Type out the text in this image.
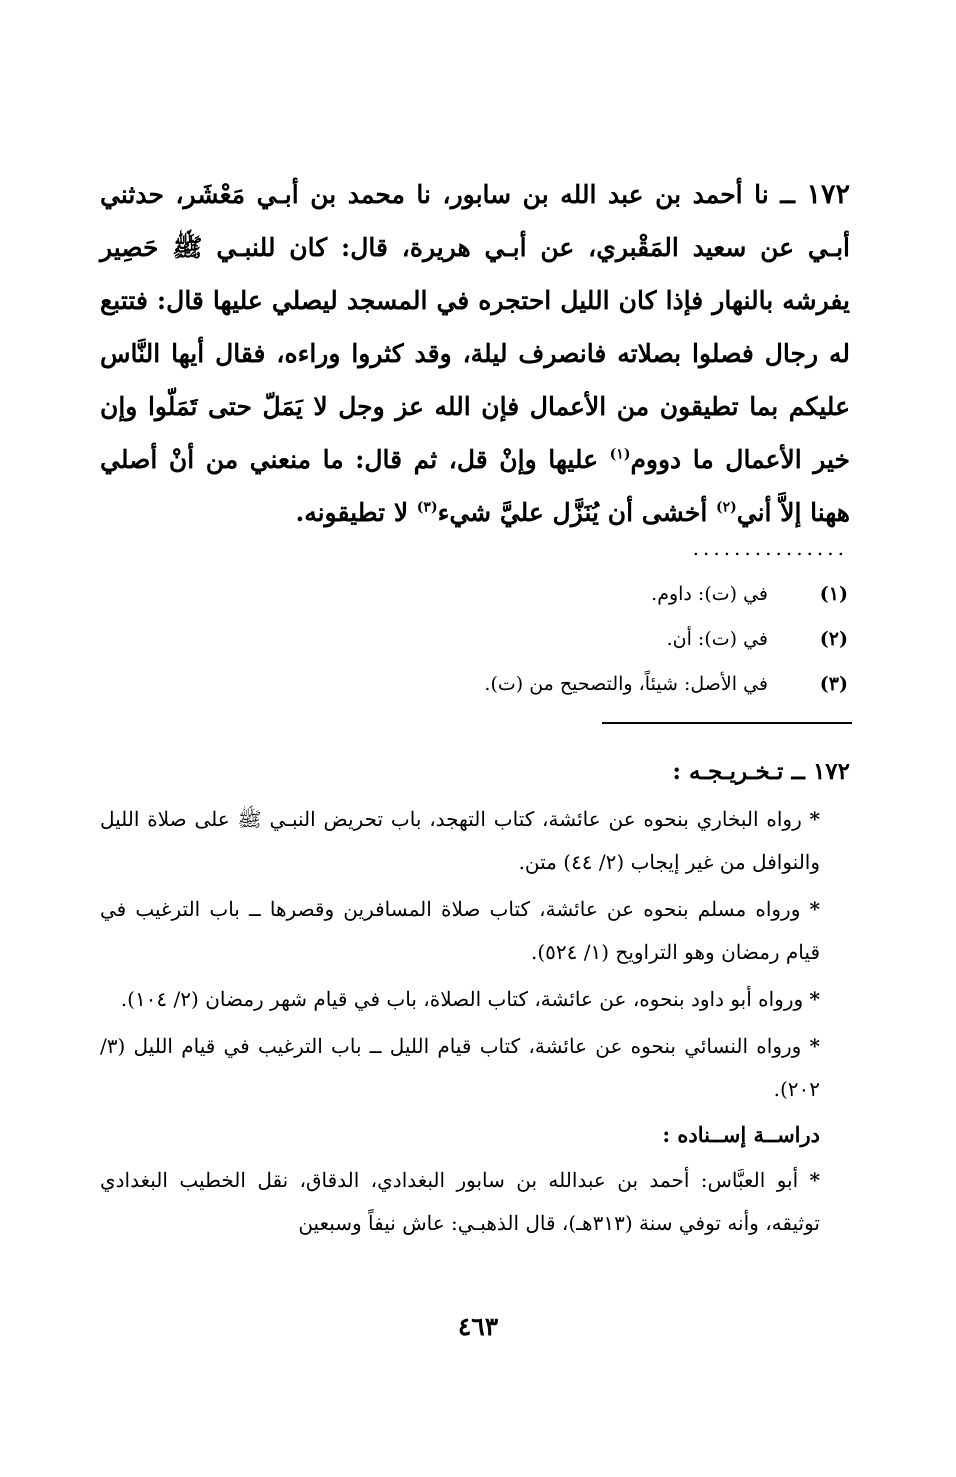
١٧٢ ــ نا أحمد بن عبد الله بن سابور، نا محمد بن أبـي مَعْشَر، حدثني أبـي عن سعيد المَقْبري، عن أبـي هريرة، قال: كان للنبـي ﷺ حَصِير يفرشه بالنهار فإذا كان الليل احتجره في المسجد ليصلي عليها قال: فتتبع له رجال فصلوا بصلاته فانصرف ليلة، وقد كثروا وراءه، فقال أيها النَّاس عليكم بما تطيقون من الأعمال فإن الله عز وجل لا يَمَلّ حتى تَمَلّوا وإن خير الأعمال ما دووم$^{(١)}$ عليها وإنْ قل، ثم قال: ما منعني من أنْ أصلي ههنا إلاَّ أني$^{(٢)}$ أخشى أن يُنَزَّل عليَّ شيء$^{(٣)}$ لا تطيقونه.
...............
(١)
في (ت): داوم.
(٢)
في (ت): أن.
(٣)
في الأصل: شيئاً، والتصحيح من (ت).
١٧٢ ــ تـخـريـجـه :
* رواه البخاري بنحوه عن عائشة، كتاب التهجد، باب تحريض النبـي ﷺ على صلاة الليل والنوافل من غير إيجاب (٢/ ٤٤) متن.
* ورواه مسلم بنحوه عن عائشة، كتاب صلاة المسافرين وقصرها ــ باب الترغيب في قيام رمضان وهو التراويح (١/ ٥٢٤).
* ورواه أبو داود بنحوه، عن عائشة، كتاب الصلاة، باب في قيام شهر رمضان (٢/ ١٠٤).
* ورواه النسائي بنحوه عن عائشة، كتاب قيام الليل ــ باب الترغيب في قيام الليل (٣/ ٢٠٢).
دراســة إســناده :
* أبو العبَّاس: أحمد بن عبدالله بن سابور البغدادي، الدقاق، نقل الخطيب البغدادي توثيقه، وأنه توفي سنة (٣١٣هـ)، قال الذهبـي: عاش نيفاً وسبعين
٤٦٣
